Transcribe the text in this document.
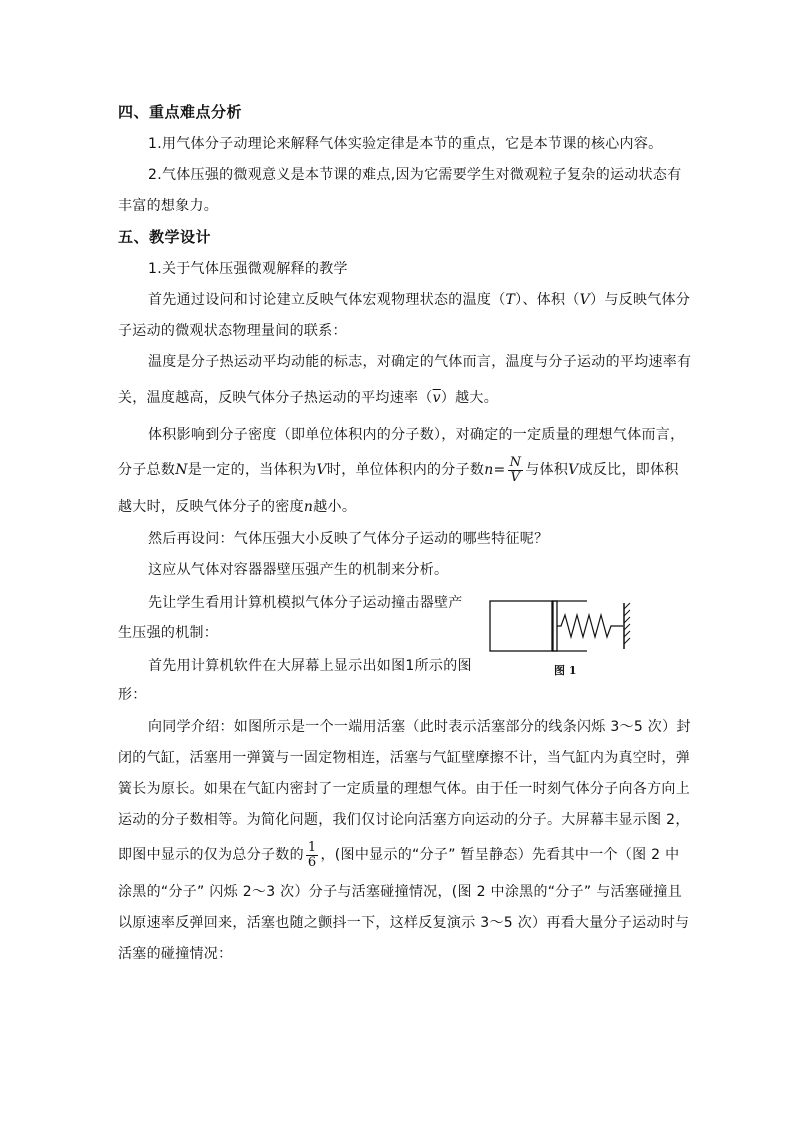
四、重点难点分析
1.用气体分子动理论来解释气体实验定律是本节的重点，它是本节课的核心内容。
2.气体压强的微观意义是本节课的难点,因为它需要学生对微观粒子复杂的运动状态有
丰富的想象力。
五、教学设计
1.关于气体压强微观解释的教学
首先通过设问和讨论建立反映气体宏观物理状态的温度（T）、体积（V）与反映气体分
子运动的微观状态物理量间的联系：
温度是分子热运动平均动能的标志，对确定的气体而言，温度与分子运动的平均速率有
关，温度越高，反映气体分子热运动的平均速率$(\overline{v})$越大。
体积影响到分子密度（即单位体积内的分子数），对确定的一定质量的理想气体而言，
分子总数N是一定的，当体积为V时，单位体积内的分子数$n= \frac{N}{V}$ 与体积V成反比，即体积
越大时，反映气体分子的密度n越小。
然后再设问：气体压强大小反映了气体分子运动的哪些特征呢？
这应从气体对容器器壁压强产生的机制来分析。
先让学生看用计算机模拟气体分子运动撞击器壁产
生压强的机制：
首先用计算机软件在大屏幕上显示出如图1所示的图
形：
图 1
向同学介绍：如图所示是一个一端用活塞（此时表示活塞部分的线条闪烁 3～5 次）封
闭的气缸，活塞用一弹簧与一固定物相连，活塞与气缸壁摩擦不计，当气缸内为真空时，弹
簧长为原长。如果在气缸内密封了一定质量的理想气体。由于任一时刻气体分子向各方向上
运动的分子数相等。为简化问题，我们仅讨论向活塞方向运动的分子。大屏幕丰显示图 2，
即图中显示的仅为总分子数的 $\frac{1}{6}$ ，(图中显示的“分子” 暂呈静态）先看其中一个（图 2 中
涂黑的“分子” 闪烁 2～3 次）分子与活塞碰撞情况，(图 2 中涂黑的“分子” 与活塞碰撞且
以原速率反弹回来，活塞也随之颤抖一下，这样反复演示 3～5 次）再看大量分子运动时与
活塞的碰撞情况：
